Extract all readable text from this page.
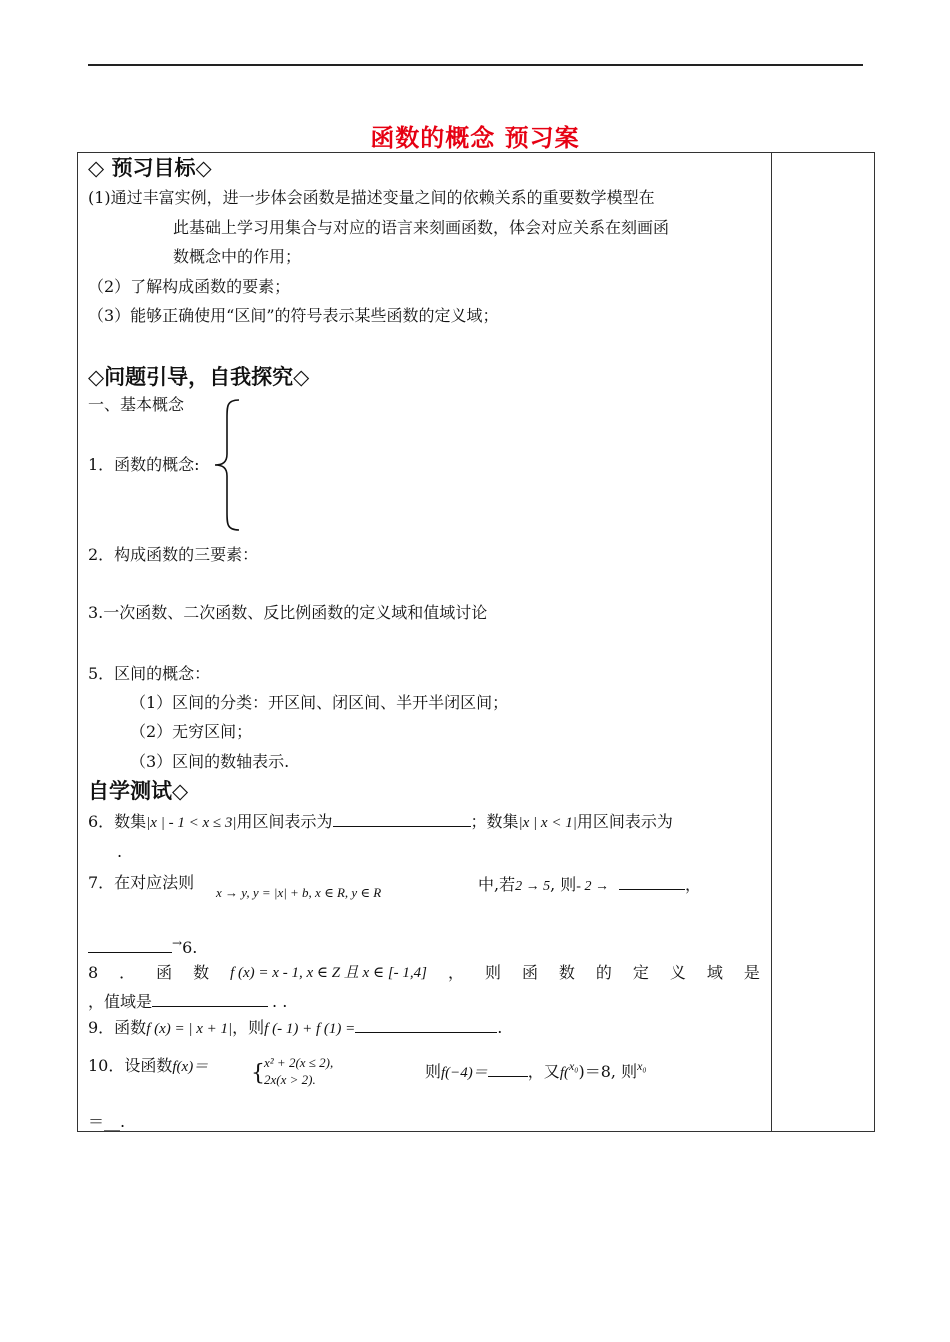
函数的概念 预习案
◇ 预习目标◇
(1)通过丰富实例，进一步体会函数是描述变量之间的依赖关系的重要数学模型在
此基础上学习用集合与对应的语言来刻画函数，体会对应关系在刻画函
数概念中的作用；
（2）了解构成函数的要素；
（3）能够正确使用“区间”的符号表示某些函数的定义域；
◇问题引导，自我探究◇
一、基本概念
1．函数的概念:
2．构成函数的三要素：
3.一次函数、二次函数、反比例函数的定义域和值域讨论
5．区间的概念：
（1）区间的分类：开区间、闭区间、半开半闭区间；
（2）无穷区间；
（3）区间的数轴表示.
自学测试◇
6．数集|x | - 1 < x ≤ 3|用区间表示为	；数集|x | x < 1|用区间表示为
.
7．在对应法则
x → y, y = |x| + b, x ∈ R, y ∈ R	中,若2 → 5, 则- 2 →	，
→6.
8 ． 函 数 f (x) = x - 1, x ∈ Z 且 x ∈ [- 1,4] ， 则 函 数 的 定 义 域 是
，值域是	. .
9．函数f (x) = | x + 1|，则f (- 1) + f (1) =	.
10．设函数f(x)＝ { x² + 2(x ≤ 2),
2x(x > 2).	则f(−4)＝	，又f($^{x_0}$)＝8, 则$^{x_0}$
＝__.
